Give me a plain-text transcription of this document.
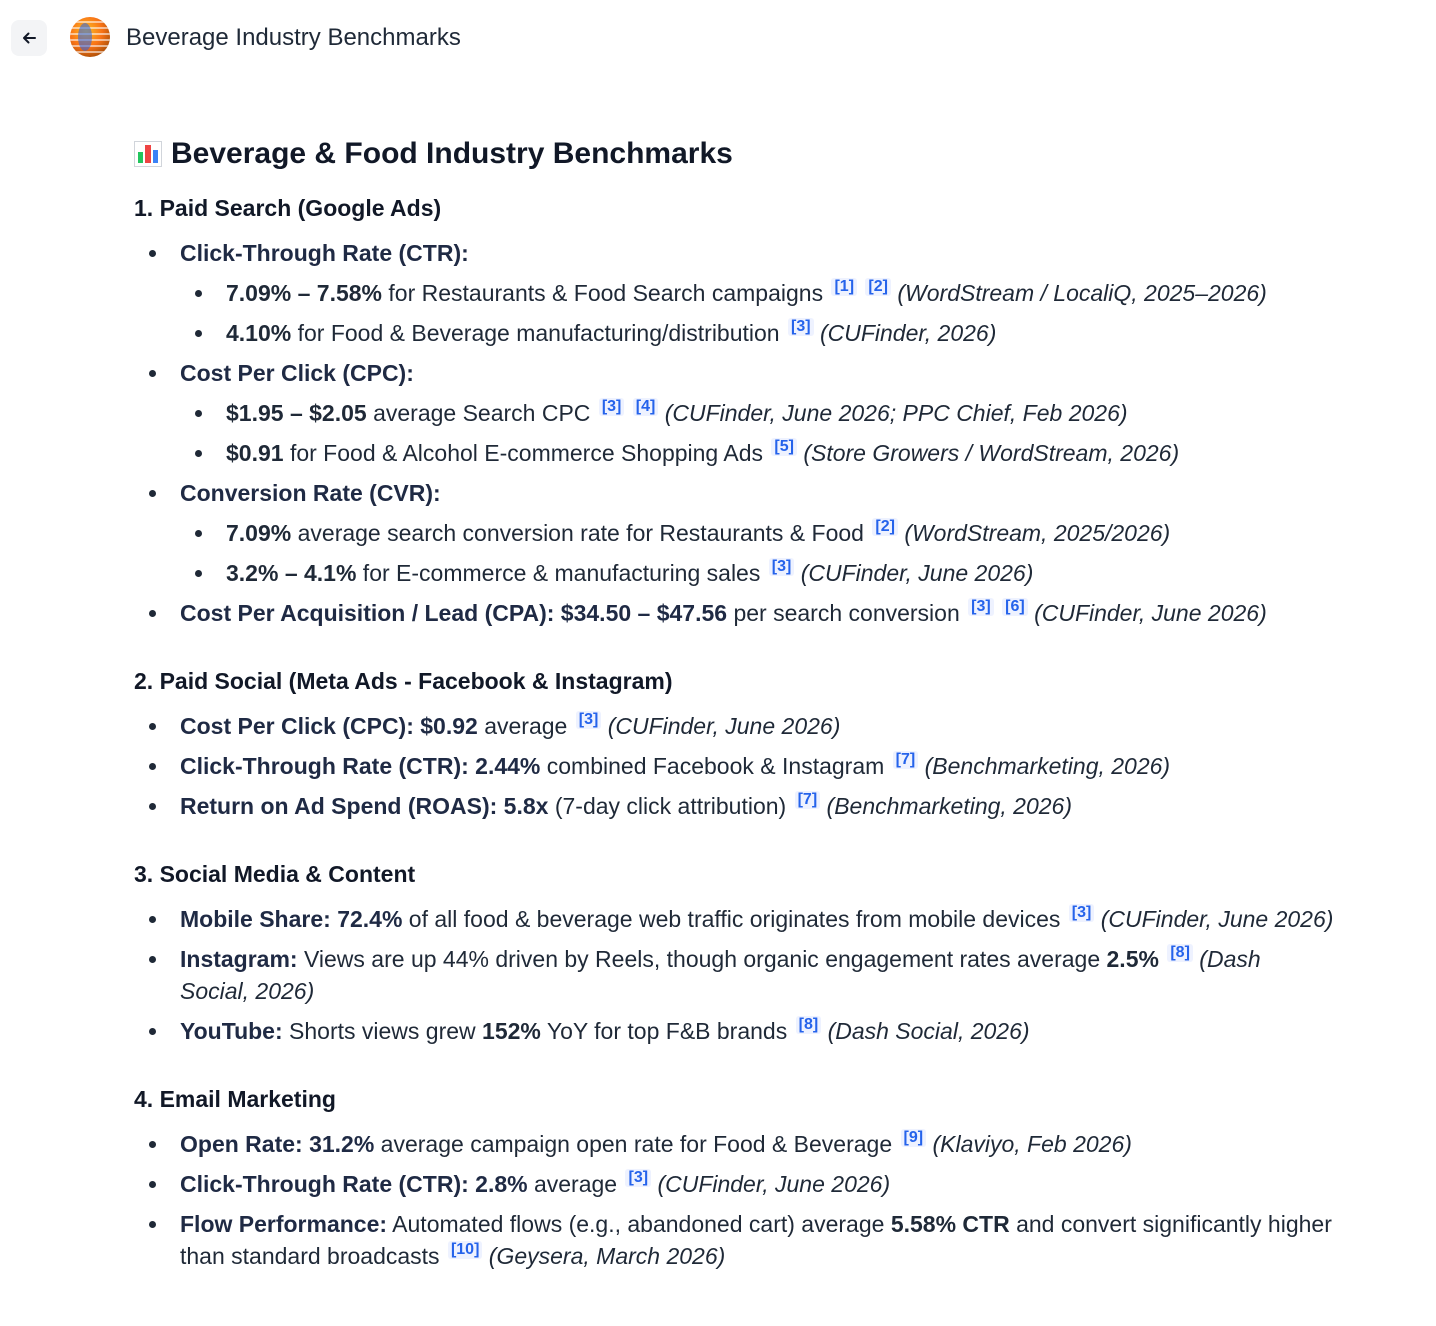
Beverage Industry Benchmarks
Beverage & Food Industry Benchmarks
1. Paid Search (Google Ads)
Click-Through Rate (CTR):
7.09% – 7.58% for Restaurants & Food Search campaigns [1] [2] (WordStream / LocaliQ, 2025–2026)
4.10% for Food & Beverage manufacturing/distribution [3] (CUFinder, 2026)
Cost Per Click (CPC):
$1.95 – $2.05 average Search CPC [3] [4] (CUFinder, June 2026; PPC Chief, Feb 2026)
$0.91 for Food & Alcohol E-commerce Shopping Ads [5] (Store Growers / WordStream, 2026)
Conversion Rate (CVR):
7.09% average search conversion rate for Restaurants & Food [2] (WordStream, 2025/2026)
3.2% – 4.1% for E-commerce & manufacturing sales [3] (CUFinder, June 2026)
Cost Per Acquisition / Lead (CPA): $34.50 – $47.56 per search conversion [3] [6] (CUFinder, June 2026)
2. Paid Social (Meta Ads - Facebook & Instagram)
Cost Per Click (CPC): $0.92 average [3] (CUFinder, June 2026)
Click-Through Rate (CTR): 2.44% combined Facebook & Instagram [7] (Benchmarketing, 2026)
Return on Ad Spend (ROAS): 5.8x (7-day click attribution) [7] (Benchmarketing, 2026)
3. Social Media & Content
Mobile Share: 72.4% of all food & beverage web traffic originates from mobile devices [3] (CUFinder, June 2026)
Instagram: Views are up 44% driven by Reels, though organic engagement rates average 2.5% [8] (Dash Social, 2026)
YouTube: Shorts views grew 152% YoY for top F&B brands [8] (Dash Social, 2026)
4. Email Marketing
Open Rate: 31.2% average campaign open rate for Food & Beverage [9] (Klaviyo, Feb 2026)
Click-Through Rate (CTR): 2.8% average [3] (CUFinder, June 2026)
Flow Performance: Automated flows (e.g., abandoned cart) average 5.58% CTR and convert significantly higher than standard broadcasts [10] (Geysera, March 2026)
